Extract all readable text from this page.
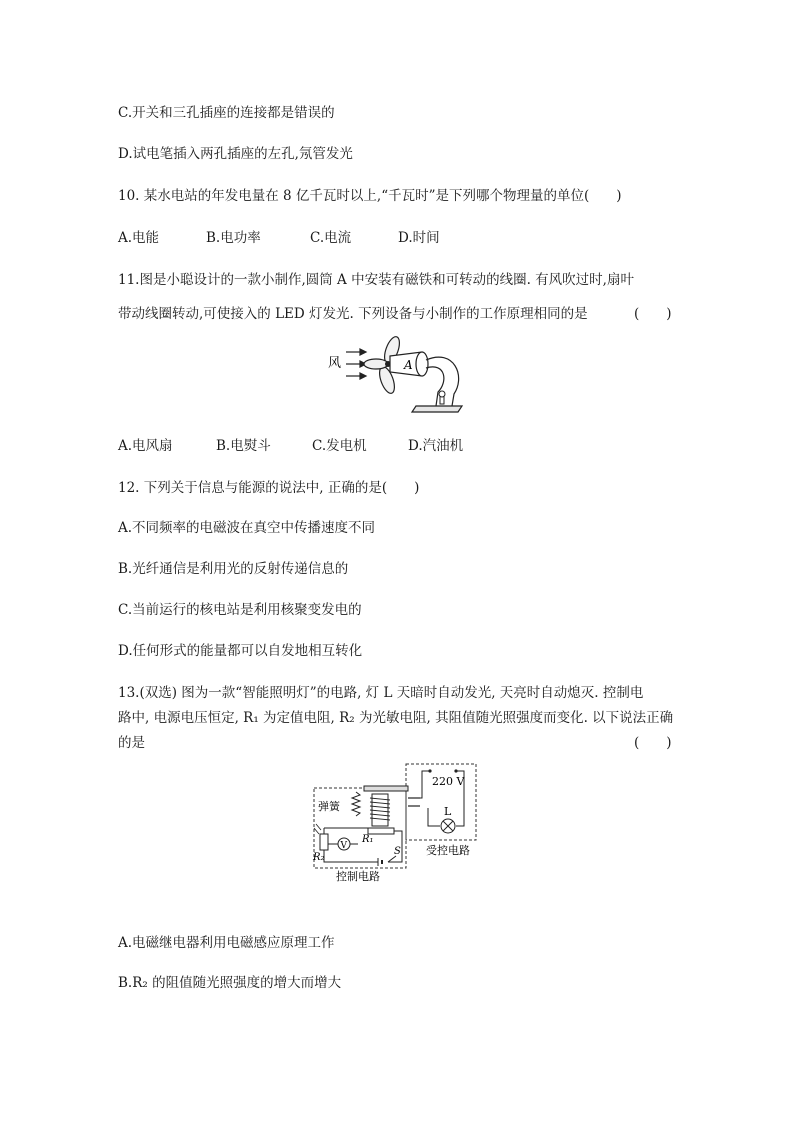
C.开关和三孔插座的连接都是错误的
D.试电笔插入两孔插座的左孔,氖管发光
10. 某水电站的年发电量在 8 亿千瓦时以上,“千瓦时”是下列哪个物理量的单位(　　)
A.电能	B.电功率	C.电流	D.时间
11.图是小聪设计的一款小制作,圆筒 A 中安装有磁铁和可转动的线圈. 有风吹过时,扇叶
带动线圈转动,可使接入的 LED 灯发光. 下列设备与小制作的工作原理相同的是	(　　)
风	A
A.电风扇	B.电熨斗	C.发电机	D.汽油机
12. 下列关于信息与能源的说法中, 正确的是(　　)
A.不同频率的电磁波在真空中传播速度不同
B.光纤通信是利用光的反射传递信息的
C.当前运行的核电站是利用核聚变发电的
D.任何形式的能量都可以自发地相互转化
13.(双选) 图为一款“智能照明灯”的电路, 灯 L 天暗时自动发光, 天亮时自动熄灭. 控制电
路中, 电源电压恒定, R₁ 为定值电阻, R₂ 为光敏电阻, 其阻值随光照强度而变化. 以下说法正确
的是	(　　)
220 V
L
受控电路
弹簧
R₁
R₂
V	S
控制电路
A.电磁继电器利用电磁感应原理工作
B.R₂ 的阻值随光照强度的增大而增大
